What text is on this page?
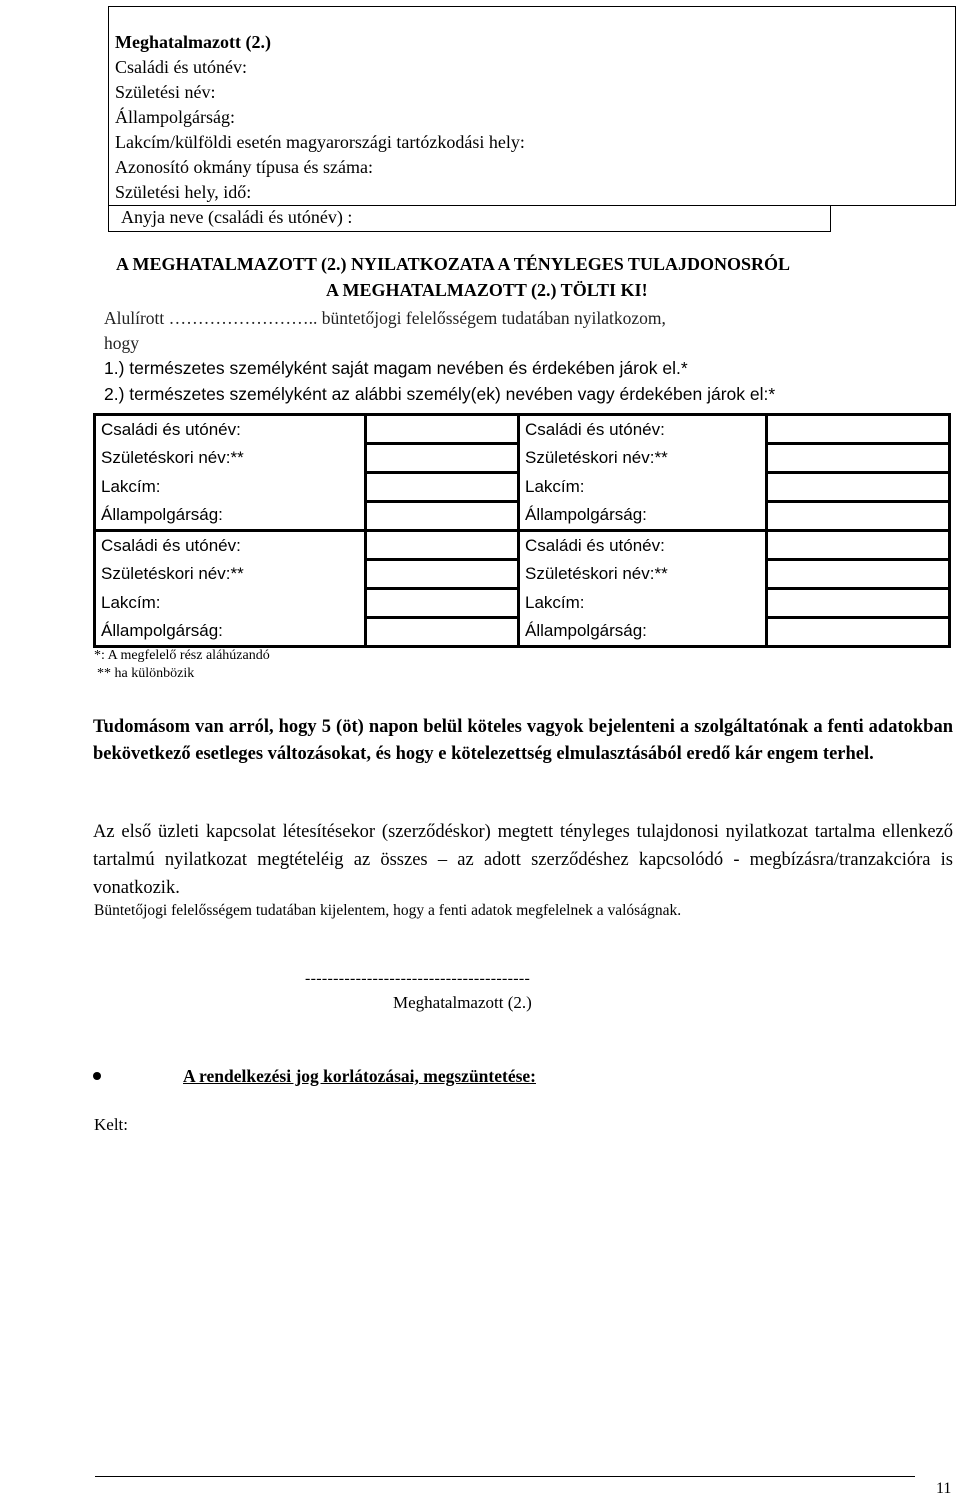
Meghatalmazott (2.)
Családi és utónév:
Születési név:
Állampolgárság:
Lakcím/külföldi esetén magyarországi tartózkodási hely:
Azonosító okmány típusa és száma:
Születési hely, idő:
Anyja neve (családi és utónév) :
A MEGHATALMAZOTT (2.) NYILATKOZATA A TÉNYLEGES TULAJDONOSRÓL
A MEGHATALMAZOTT (2.) TÖLTI KI!
Alulírott …………………….. büntetőjogi felelősségem tudatában nyilatkozom,
hogy
1.) természetes személyként saját magam nevében és érdekében járok el.*
2.) természetes személyként az alábbi személy(ek) nevében vagy érdekében járok el:*
Családi és utónév:		Családi és utónév:	
Születéskori név:**		Születéskori név:**	
Lakcím:		Lakcím:	
Állampolgárság:		Állampolgárság:	
Családi és utónév:		Családi és utónév:	
Születéskori név:**		Születéskori név:**	
Lakcím:		Lakcím:	
Állampolgárság:		Állampolgárság:	
*: A megfelelő rész aláhúzandó
** ha különbözik
Tudomásom van arról, hogy 5 (öt) napon belül köteles vagyok bejelenteni a szolgáltatónak a fenti adatokban bekövetkező esetleges változásokat, és hogy e kötelezettség elmulasztásából eredő kár engem terhel.
Az első üzleti kapcsolat létesítésekor (szerződéskor) megtett tényleges tulajdonosi nyilatkozat tartalma ellenkező tartalmú nyilatkozat megtételéig az összes – az adott szerződéshez kapcsolódó - megbízásra/tranzakcióra is vonatkozik.
Büntetőjogi felelősségem tudatában kijelentem, hogy a fenti adatok megfelelnek a valóságnak.
----------------------------------------
Meghatalmazott (2.)
A rendelkezési jog korlátozásai, megszüntetése:
Kelt:
11
